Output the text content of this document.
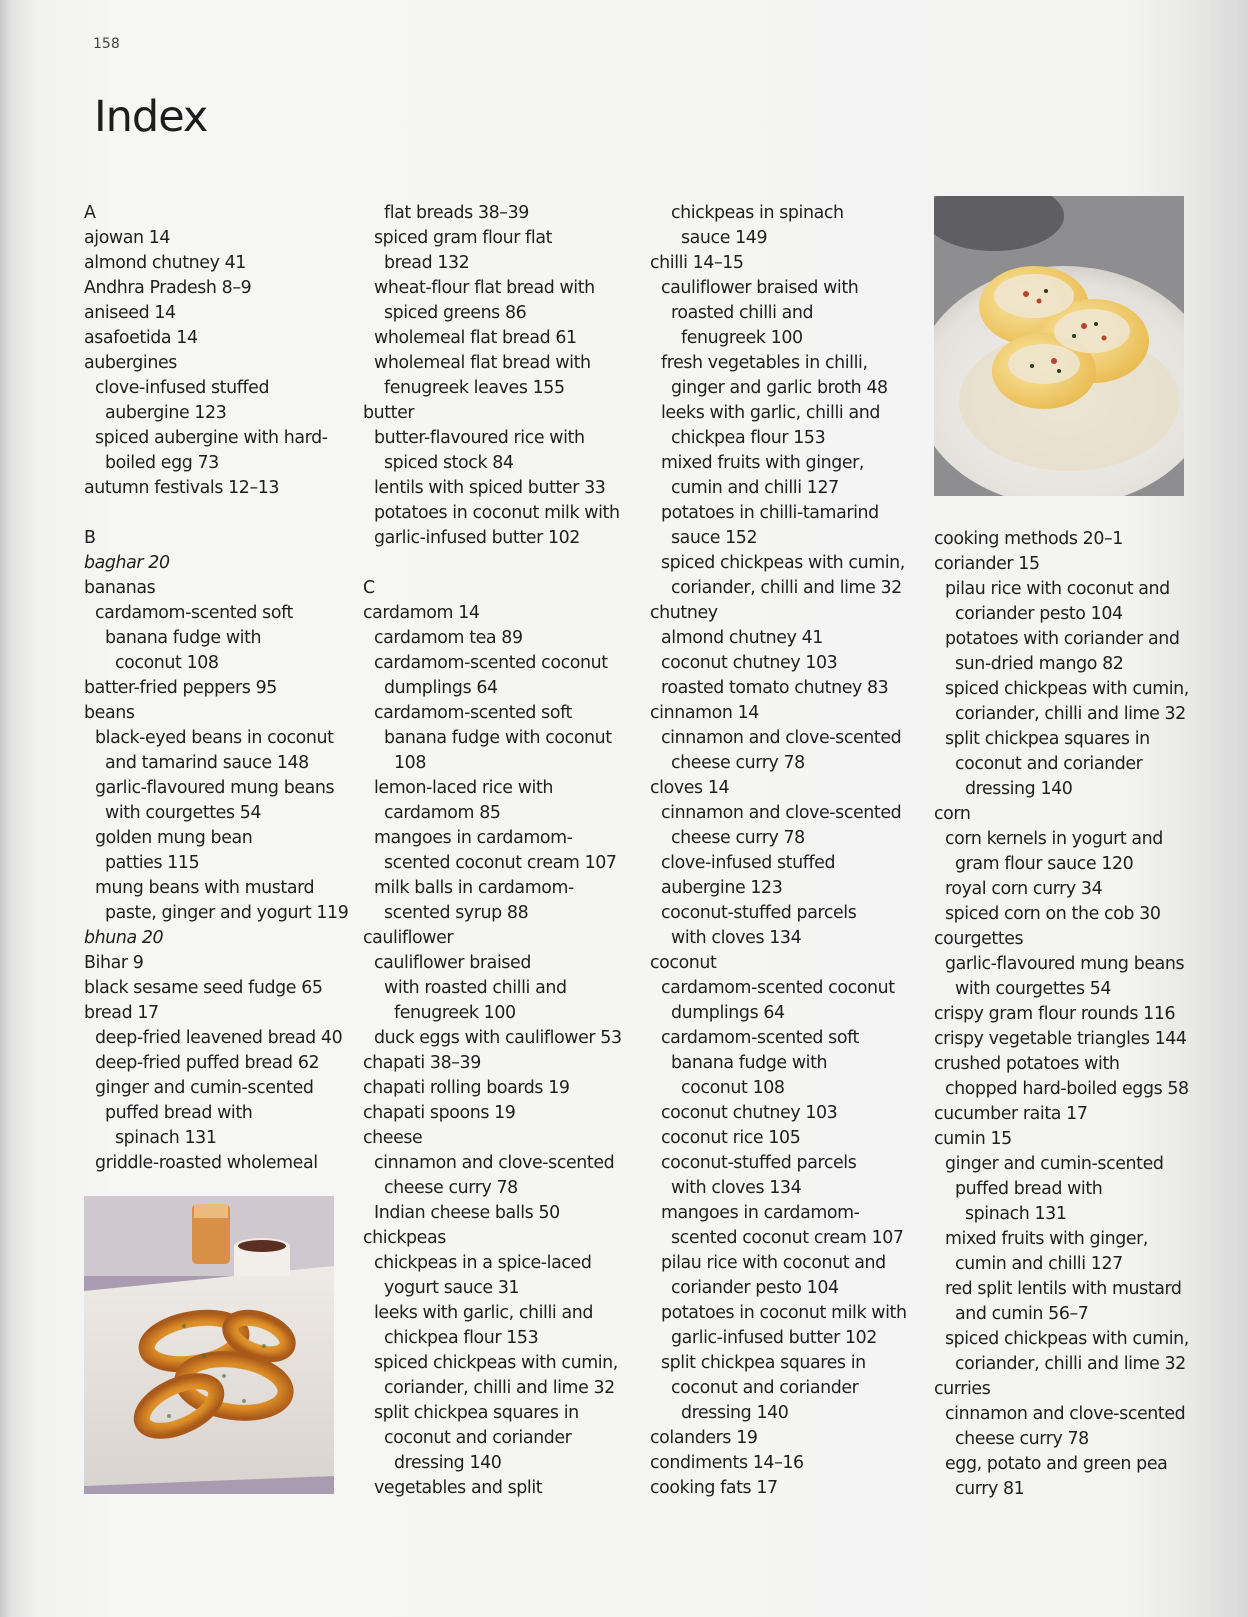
158
Index
A
ajowan 14
almond chutney 41
Andhra Pradesh 8–9
aniseed 14
asafoetida 14
aubergines
clove-infused stuffed
aubergine 123
spiced aubergine with hard-
boiled egg 73
autumn festivals 12–13
B
baghar 20
bananas
cardamom-scented soft
banana fudge with
coconut 108
batter-fried peppers 95
beans
black-eyed beans in coconut
and tamarind sauce 148
garlic-flavoured mung beans
with courgettes 54
golden mung bean
patties 115
mung beans with mustard
paste, ginger and yogurt 119
bhuna 20
Bihar 9
black sesame seed fudge 65
bread 17
deep-fried leavened bread 40
deep-fried puffed bread 62
ginger and cumin-scented
puffed bread with
spinach 131
griddle-roasted wholemeal
flat breads 38–39
spiced gram flour flat
bread 132
wheat-flour flat bread with
spiced greens 86
wholemeal flat bread 61
wholemeal flat bread with
fenugreek leaves 155
butter
butter-flavoured rice with
spiced stock 84
lentils with spiced butter 33
potatoes in coconut milk with
garlic-infused butter 102
C
cardamom 14
cardamom tea 89
cardamom-scented coconut
dumplings 64
cardamom-scented soft
banana fudge with coconut
108
lemon-laced rice with
cardamom 85
mangoes in cardamom-
scented coconut cream 107
milk balls in cardamom-
scented syrup 88
cauliflower
cauliflower braised
with roasted chilli and
fenugreek 100
duck eggs with cauliflower 53
chapati 38–39
chapati rolling boards 19
chapati spoons 19
cheese
cinnamon and clove-scented
cheese curry 78
Indian cheese balls 50
chickpeas
chickpeas in a spice-laced
yogurt sauce 31
leeks with garlic, chilli and
chickpea flour 153
spiced chickpeas with cumin,
coriander, chilli and lime 32
split chickpea squares in
coconut and coriander
dressing 140
vegetables and split
chickpeas in spinach
sauce 149
chilli 14–15
cauliflower braised with
roasted chilli and
fenugreek 100
fresh vegetables in chilli,
ginger and garlic broth 48
leeks with garlic, chilli and
chickpea flour 153
mixed fruits with ginger,
cumin and chilli 127
potatoes in chilli-tamarind
sauce 152
spiced chickpeas with cumin,
coriander, chilli and lime 32
chutney
almond chutney 41
coconut chutney 103
roasted tomato chutney 83
cinnamon 14
cinnamon and clove-scented
cheese curry 78
cloves 14
cinnamon and clove-scented
cheese curry 78
clove-infused stuffed
aubergine 123
coconut-stuffed parcels
with cloves 134
coconut
cardamom-scented coconut
dumplings 64
cardamom-scented soft
banana fudge with
coconut 108
coconut chutney 103
coconut rice 105
coconut-stuffed parcels
with cloves 134
mangoes in cardamom-
scented coconut cream 107
pilau rice with coconut and
coriander pesto 104
potatoes in coconut milk with
garlic-infused butter 102
split chickpea squares in
coconut and coriander
dressing 140
colanders 19
condiments 14–16
cooking fats 17
cooking methods 20–1
coriander 15
pilau rice with coconut and
coriander pesto 104
potatoes with coriander and
sun-dried mango 82
spiced chickpeas with cumin,
coriander, chilli and lime 32
split chickpea squares in
coconut and coriander
dressing 140
corn
corn kernels in yogurt and
gram flour sauce 120
royal corn curry 34
spiced corn on the cob 30
courgettes
garlic-flavoured mung beans
with courgettes 54
crispy gram flour rounds 116
crispy vegetable triangles 144
crushed potatoes with
chopped hard-boiled eggs 58
cucumber raita 17
cumin 15
ginger and cumin-scented
puffed bread with
spinach 131
mixed fruits with ginger,
cumin and chilli 127
red split lentils with mustard
and cumin 56–7
spiced chickpeas with cumin,
coriander, chilli and lime 32
curries
cinnamon and clove-scented
cheese curry 78
egg, potato and green pea
curry 81
